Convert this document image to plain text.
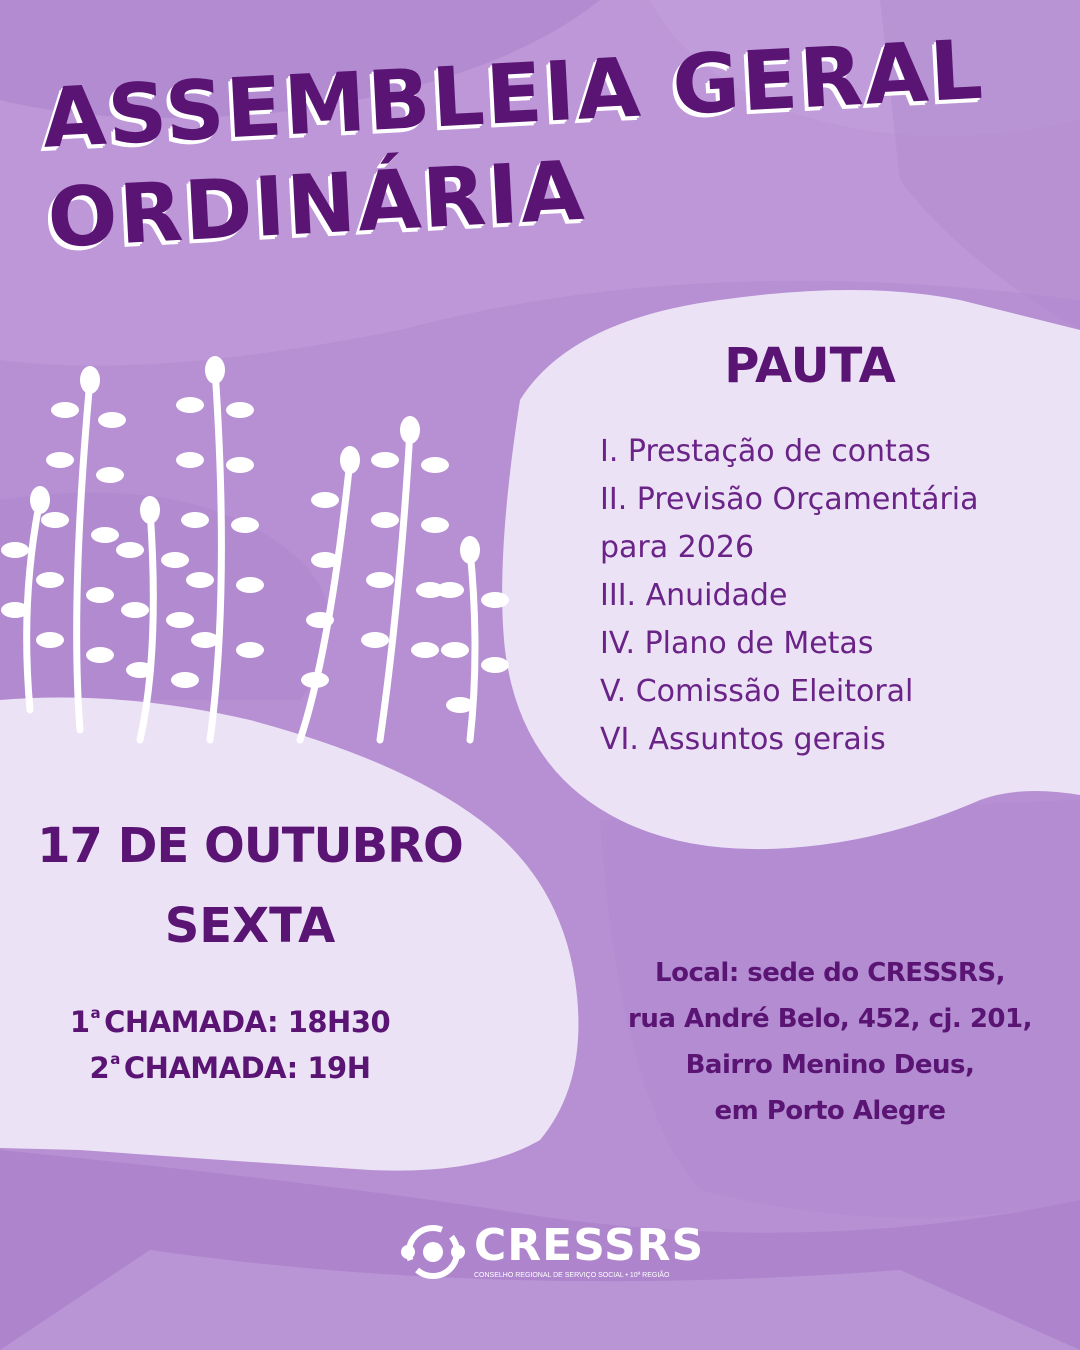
ASSEMBLEIA GERAL
ORDINÁRIA
PAUTA
I. Prestação de contas
II. Previsão Orçamentária
para 2026
III. Anuidade
IV. Plano de Metas
V. Comissão Eleitoral
VI. Assuntos gerais

17 DE OUTUBRO

SEXTA

1$^a$ CHAMADA: 18H30
2$^a$ CHAMADA: 19H
Local: sede do CRESSRS,
rua André Belo, 452, cj. 201,
Bairro Menino Deus,
em Porto Alegre
CRESSRS
CONSELHO REGIONAL DE SERVIÇO SOCIAL • 10ª REGIÃO
